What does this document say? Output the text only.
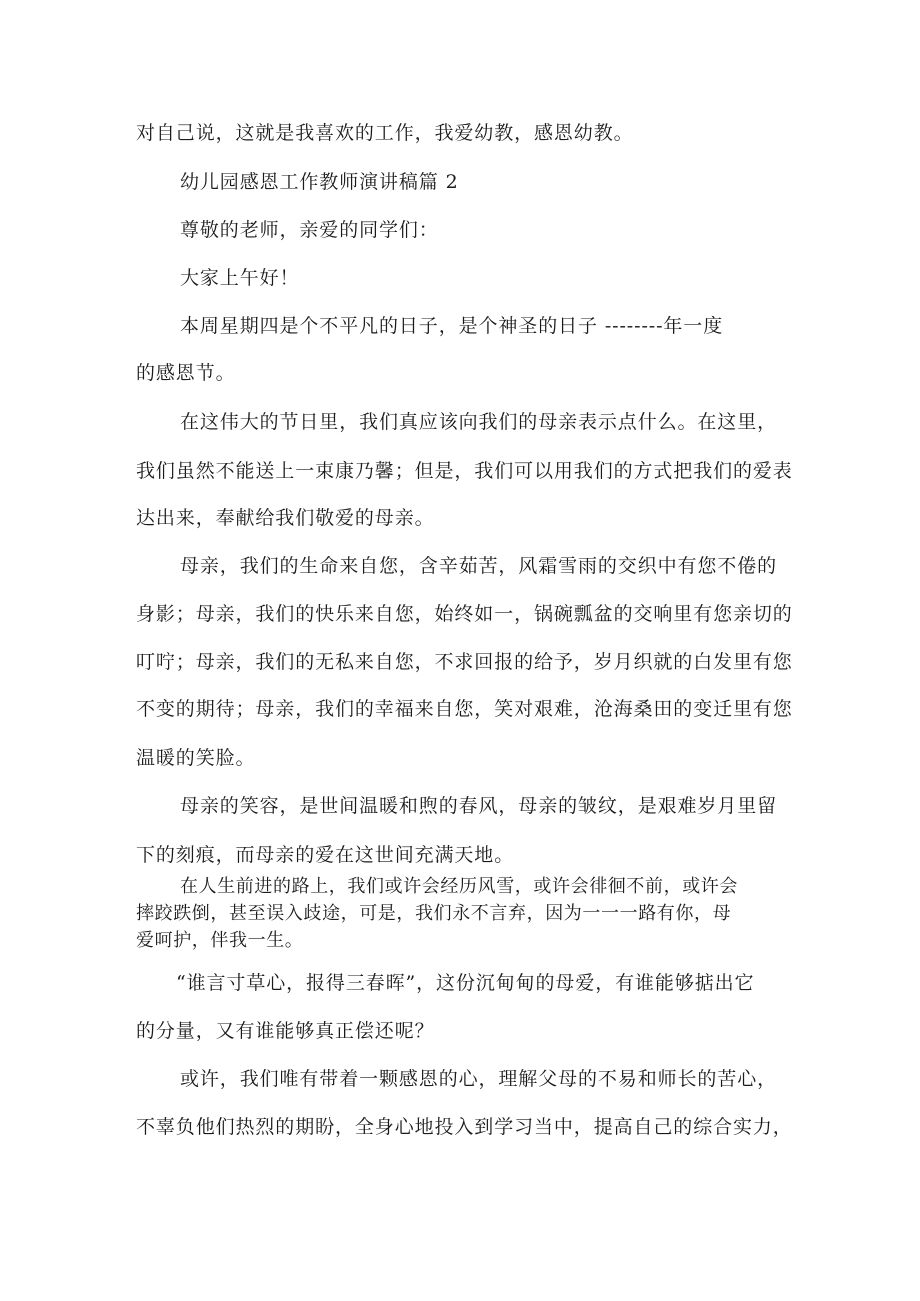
对自己说，这就是我喜欢的工作，我爱幼教，感恩幼教。
幼儿园感恩工作教师演讲稿篇 2
尊敬的老师，亲爱的同学们：
大家上午好！
本周星期四是个不平凡的日子，是个神圣的日子 --------年一度
的感恩节。
在这伟大的节日里，我们真应该向我们的母亲表示点什么。在这里，
我们虽然不能送上一束康乃馨；但是，我们可以用我们的方式把我们的爱表
达出来，奉献给我们敬爱的母亲。
母亲，我们的生命来自您，含辛茹苦，风霜雪雨的交织中有您不倦的
身影；母亲，我们的快乐来自您，始终如一，锅碗瓢盆的交响里有您亲切的
叮咛；母亲，我们的无私来自您，不求回报的给予，岁月织就的白发里有您
不变的期待；母亲，我们的幸福来自您，笑对艰难，沧海桑田的变迁里有您
温暖的笑脸。
母亲的笑容，是世间温暖和煦的春风，母亲的皱纹，是艰难岁月里留
下的刻痕，而母亲的爱在这世间充满天地。
在人生前进的路上，我们或许会经历风雪，或许会徘徊不前，或许会
摔跤跌倒，甚至误入歧途，可是，我们永不言弃，因为一一一路有你，母
爱呵护，伴我一生。
“谁言寸草心，报得三春晖”，这份沉甸甸的母爱，有谁能够掂出它
的分量，又有谁能够真正偿还呢？
或许，我们唯有带着一颗感恩的心，理解父母的不易和师长的苦心，
不辜负他们热烈的期盼，全身心地投入到学习当中，提高自己的综合实力，
